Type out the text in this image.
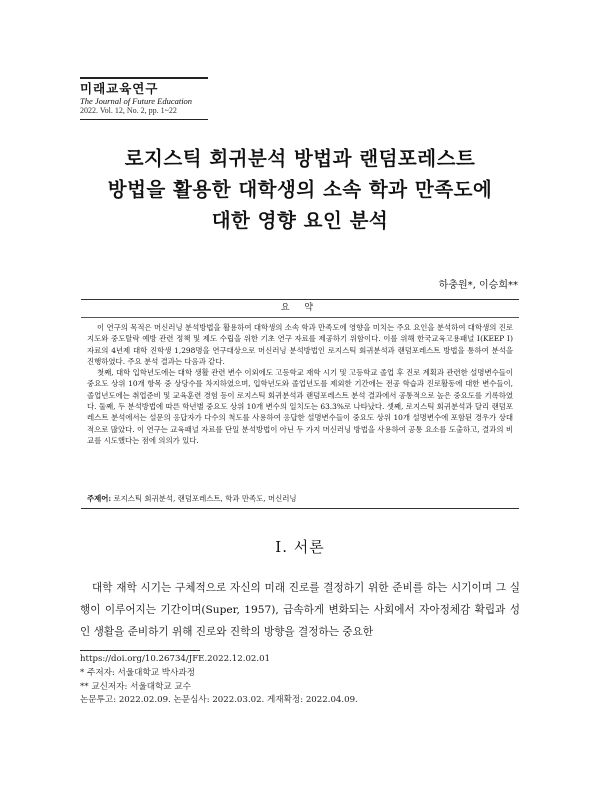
미래교육연구
The Journal of Future Education
2022. Vol. 12, No. 2, pp. 1~22
로지스틱 회귀분석 방법과 랜덤포레스트
방법을 활용한 대학생의 소속 학과 만족도에
대한 영향 요인 분석
하충원*, 이승희**
요 약

이 연구의 목적은 머신러닝 분석방법을 활용하여 대학생의 소속 학과 만족도에 영향을 미치는 주요 요인을 분석하여 대학생의 진로지도와 중도탈락 예방 관련 정책 및 제도 수립을 위한 기초 연구 자료를 제공하기 위함이다. 이를 위해 한국교육고용패널 Ⅰ(KEEP Ⅰ)자료의 4년제 대학 진학생 1,298명을 연구대상으로 머신러닝 분석방법인 로지스틱 회귀분석과 랜덤포레스트 방법을 통하여 분석을 진행하였다. 주요 분석 결과는 다음과 같다.

첫째, 대학 입학년도에는 대학 생활 관련 변수 이외에도 고등학교 재학 시기 및 고등학교 졸업 후 진로 계획과 관련한 설명변수들이 중요도 상위 10개 항목 중 상당수를 차지하였으며, 입학년도와 졸업년도를 제외한 기간에는 전공 학습과 진로활동에 대한 변수들이, 졸업년도에는 취업준비 및 교육훈련 경험 등이 로지스틱 회귀분석과 랜덤포레스트 분석 결과에서 공통적으로 높은 중요도를 기록하였다. 둘째, 두 분석방법에 따른 학년별 중요도 상위 10개 변수의 일치도는 63.3%로 나타났다. 셋째, 로지스틱 회귀분석과 달리 랜덤포레스트 분석에서는 설문의 응답자가 다수의 척도를 사용하여 응답한 설명변수들이 중요도 상위 10개 설명변수에 포함된 경우가 상대적으로 많았다. 이 연구는 교육패널 자료를 단일 분석방법이 아닌 두 가지 머신러닝 방법을 사용하여 공통 요소를 도출하고, 결과의 비교를 시도했다는 점에 의의가 있다.

주제어: 로지스틱 회귀분석, 랜덤포레스트, 학과 만족도, 머신러닝
Ⅰ. 서론

대학 재학 시기는 구체적으로 자신의 미래 진로를 결정하기 위한 준비를 하는 시기이며 그 실행이 이루어지는 기간이며(Super, 1957), 급속하게 변화되는 사회에서 자아정체감 확립과 성인 생활을 준비하기 위해 진로와 진학의 방향을 결정하는 중요한

https://doi.org/10.26734/JFE.2022.12.02.01
* 주저자: 서울대학교 박사과정
** 교신저자: 서울대학교 교수
논문투고: 2022.02.09. 논문심사: 2022.03.02. 게재확정: 2022.04.09.
